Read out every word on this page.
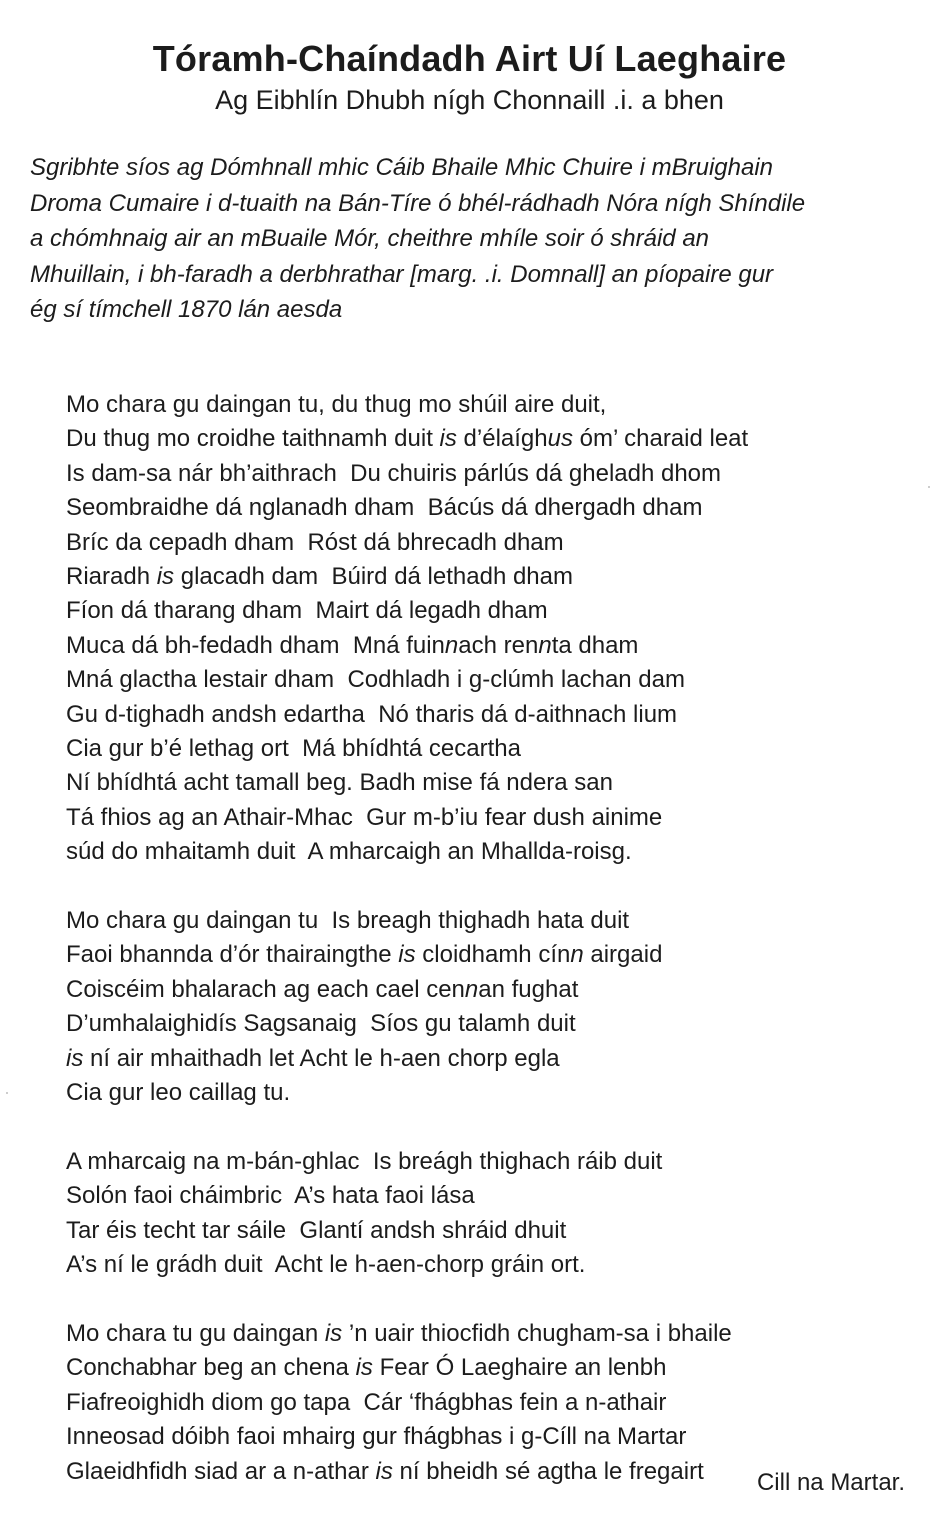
Tóramh-Chaíndadh Airt Uí Laeghaire
Ag Eibhlín Dhubh nígh Chonnaill .i. a bhen
Sgribhte síos ag Dómhnall mhic Cáib Bhaile Mhic Chuire i mBruighain
Droma Cumaire i d-tuaith na Bán-Tíre ó bhél-rádhadh Nóra nígh Shíndile
a chómhnaig air an mBuaile Mór, cheithre mhíle soir ó shráid an
Mhuillain, i bh-faradh a derbhrathar [marg. .i. Domnall] an píopaire gur
ég sí tímchell 1870 lán aesda
Mo chara gu daingan tu, du thug mo shúil aire duit,
Du thug mo croidhe taithnamh duit is d’élaíghus óm’ charaid leat
Is dam-sa nár bh’aithrach  Du chuiris párlús dá gheladh dhom
Seombraidhe dá nglanadh dham  Bácús dá dhergadh dham
Bríc da cepadh dham  Róst dá bhrecadh dham
Riaradh is glacadh dam  Búird dá lethadh dham
Fíon dá tharang dham  Mairt dá legadh dham
Muca dá bh-fedadh dham  Mná fuinnach rennta dham
Mná glactha lestair dham  Codhladh i g-clúmh lachan dam
Gu d-tighadh andsh edartha  Nó tharis dá d-aithnach lium
Cia gur b’é lethag ort  Má bhídhtá cecartha
Ní bhídhtá acht tamall beg. Badh mise fá ndera san
Tá fhios ag an Athair-Mhac  Gur m-b’iu fear dush ainime
súd do mhaitamh duit  A mharcaigh an Mhallda-roisg.
Mo chara gu daingan tu  Is breagh thighadh hata duit
Faoi bhannda d’ór thairaingthe is cloidhamh cínn airgaid
Coiscéim bhalarach ag each cael cennan fughat
D’umhalaighidís Sagsanaig  Síos gu talamh duit
is ní air mhaithadh let Acht le h-aen chorp egla
Cia gur leo caillag tu.
A mharcaig na m-bán-ghlac  Is breágh thighach ráib duit
Solón faoi cháimbric  A’s hata faoi lása
Tar éis techt tar sáile  Glantí andsh shráid dhuit
A’s ní le grádh duit  Acht le h-aen-chorp gráin ort.
Mo chara tu gu daingan is ’n uair thiocfidh chugham-sa i bhaile
Conchabhar beg an chena is Fear Ó Laeghaire an lenbh
Fiafreoighidh diom go tapa  Cár ‘fhágbhas fein a n-athair
Inneosad dóibh faoi mhairg gur fhágbhas i g-Cíll na Martar
Glaeidhfidh siad ar a n-athar is ní bheidh sé agtha le fregairt	Cill na Martar.
